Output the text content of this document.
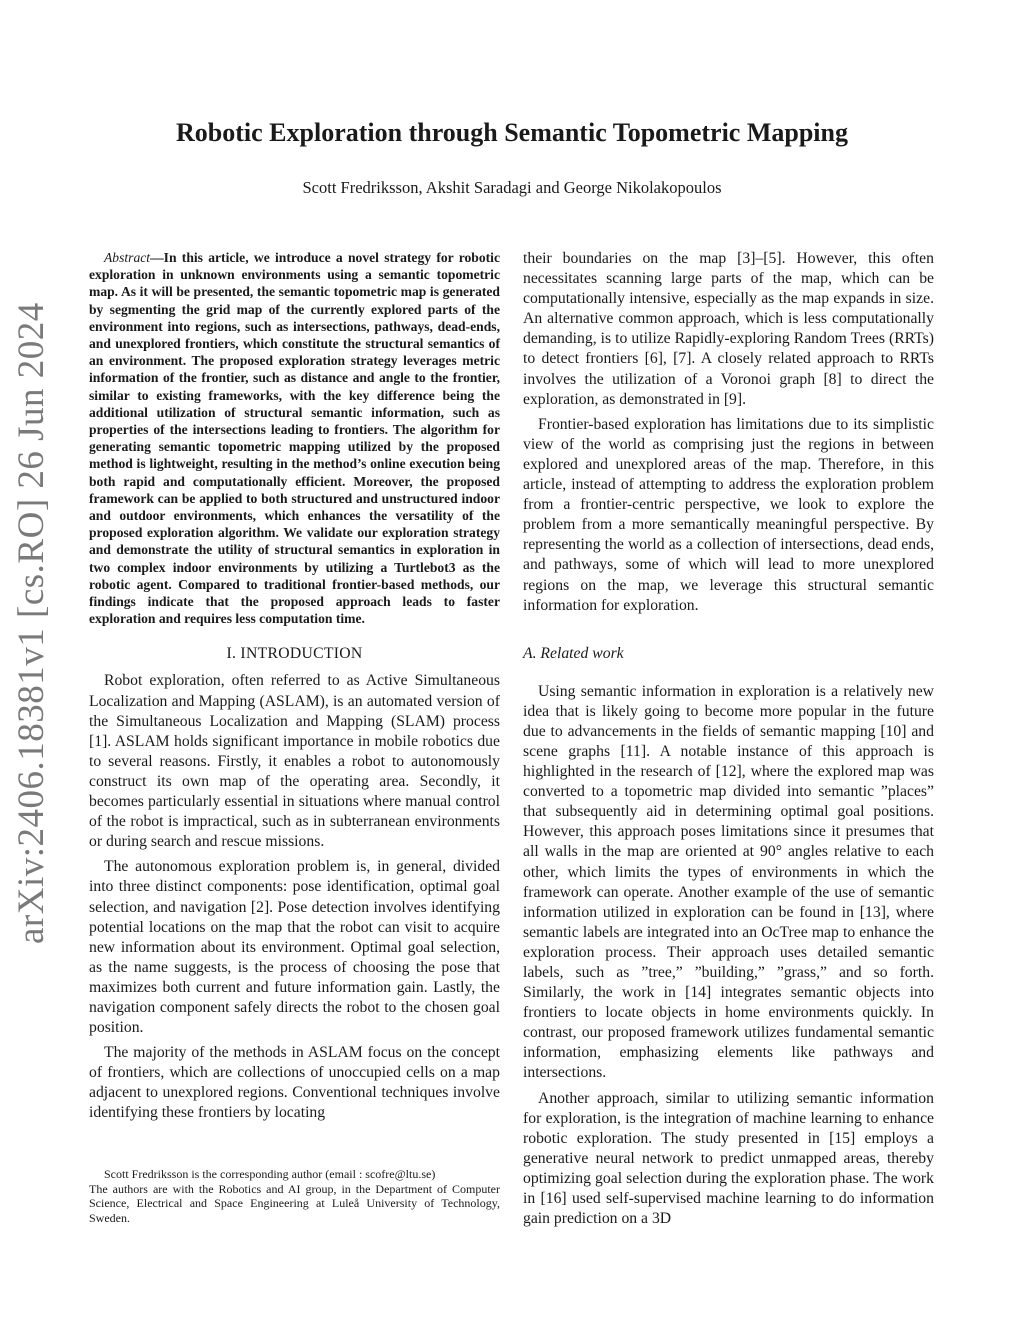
Robotic Exploration through Semantic Topometric Mapping
Scott Fredriksson, Akshit Saradagi and George Nikolakopoulos
arXiv:2406.18381v1 [cs.RO] 26 Jun 2024

Abstract—In this article, we introduce a novel strategy for robotic exploration in unknown environments using a semantic topometric map. As it will be presented, the semantic topometric map is generated by segmenting the grid map of the currently explored parts of the environment into regions, such as intersections, pathways, dead-ends, and unexplored frontiers, which constitute the structural semantics of an environment. The proposed exploration strategy leverages metric information of the frontier, such as distance and angle to the frontier, similar to existing frameworks, with the key difference being the additional utilization of structural semantic information, such as properties of the intersections leading to frontiers. The algorithm for generating semantic topometric mapping utilized by the proposed method is lightweight, resulting in the method’s online execution being both rapid and computationally efficient. Moreover, the proposed framework can be applied to both structured and unstructured indoor and outdoor environments, which enhances the versatility of the proposed exploration algorithm. We validate our exploration strategy and demonstrate the utility of structural semantics in exploration in two complex indoor environments by utilizing a Turtlebot3 as the robotic agent. Compared to traditional frontier-based methods, our findings indicate that the proposed approach leads to faster exploration and requires less computation time.

I. INTRODUCTION

Robot exploration, often referred to as Active Simultaneous Localization and Mapping (ASLAM), is an automated version of the Simultaneous Localization and Mapping (SLAM) process [1]. ASLAM holds significant importance in mobile robotics due to several reasons. Firstly, it enables a robot to autonomously construct its own map of the operating area. Secondly, it becomes particularly essential in situations where manual control of the robot is impractical, such as in subterranean environments or during search and rescue missions.

The autonomous exploration problem is, in general, divided into three distinct components: pose identification, optimal goal selection, and navigation [2]. Pose detection involves identifying potential locations on the map that the robot can visit to acquire new information about its environment. Optimal goal selection, as the name suggests, is the process of choosing the pose that maximizes both current and future information gain. Lastly, the navigation component safely directs the robot to the chosen goal position.

The majority of the methods in ASLAM focus on the concept of frontiers, which are collections of unoccupied cells on a map adjacent to unexplored regions. Conventional techniques involve identifying these frontiers by locating

Scott Fredriksson is the corresponding author (email : scofre@ltu.se)

The authors are with the Robotics and AI group, in the Department of Computer Science, Electrical and Space Engineering at Luleå University of Technology, Sweden.

their boundaries on the map [3]–[5]. However, this often necessitates scanning large parts of the map, which can be computationally intensive, especially as the map expands in size. An alternative common approach, which is less computationally demanding, is to utilize Rapidly-exploring Random Trees (RRTs) to detect frontiers [6], [7]. A closely related approach to RRTs involves the utilization of a Voronoi graph [8] to direct the exploration, as demonstrated in [9].

Frontier-based exploration has limitations due to its simplistic view of the world as comprising just the regions in between explored and unexplored areas of the map. Therefore, in this article, instead of attempting to address the exploration problem from a frontier-centric perspective, we look to explore the problem from a more semantically meaningful perspective. By representing the world as a collection of intersections, dead ends, and pathways, some of which will lead to more unexplored regions on the map, we leverage this structural semantic information for exploration.

A. Related work

Using semantic information in exploration is a relatively new idea that is likely going to become more popular in the future due to advancements in the fields of semantic mapping [10] and scene graphs [11]. A notable instance of this approach is highlighted in the research of [12], where the explored map was converted to a topometric map divided into semantic ”places” that subsequently aid in determining optimal goal positions. However, this approach poses limitations since it presumes that all walls in the map are oriented at 90° angles relative to each other, which limits the types of environments in which the framework can operate. Another example of the use of semantic information utilized in exploration can be found in [13], where semantic labels are integrated into an OcTree map to enhance the exploration process. Their approach uses detailed semantic labels, such as ”tree,” ”building,” ”grass,” and so forth. Similarly, the work in [14] integrates semantic objects into frontiers to locate objects in home environments quickly. In contrast, our proposed framework utilizes fundamental semantic information, emphasizing elements like pathways and intersections.

Another approach, similar to utilizing semantic information for exploration, is the integration of machine learning to enhance robotic exploration. The study presented in [15] employs a generative neural network to predict unmapped areas, thereby optimizing goal selection during the exploration phase. The work in [16] used self-supervised machine learning to do information gain prediction on a 3D
